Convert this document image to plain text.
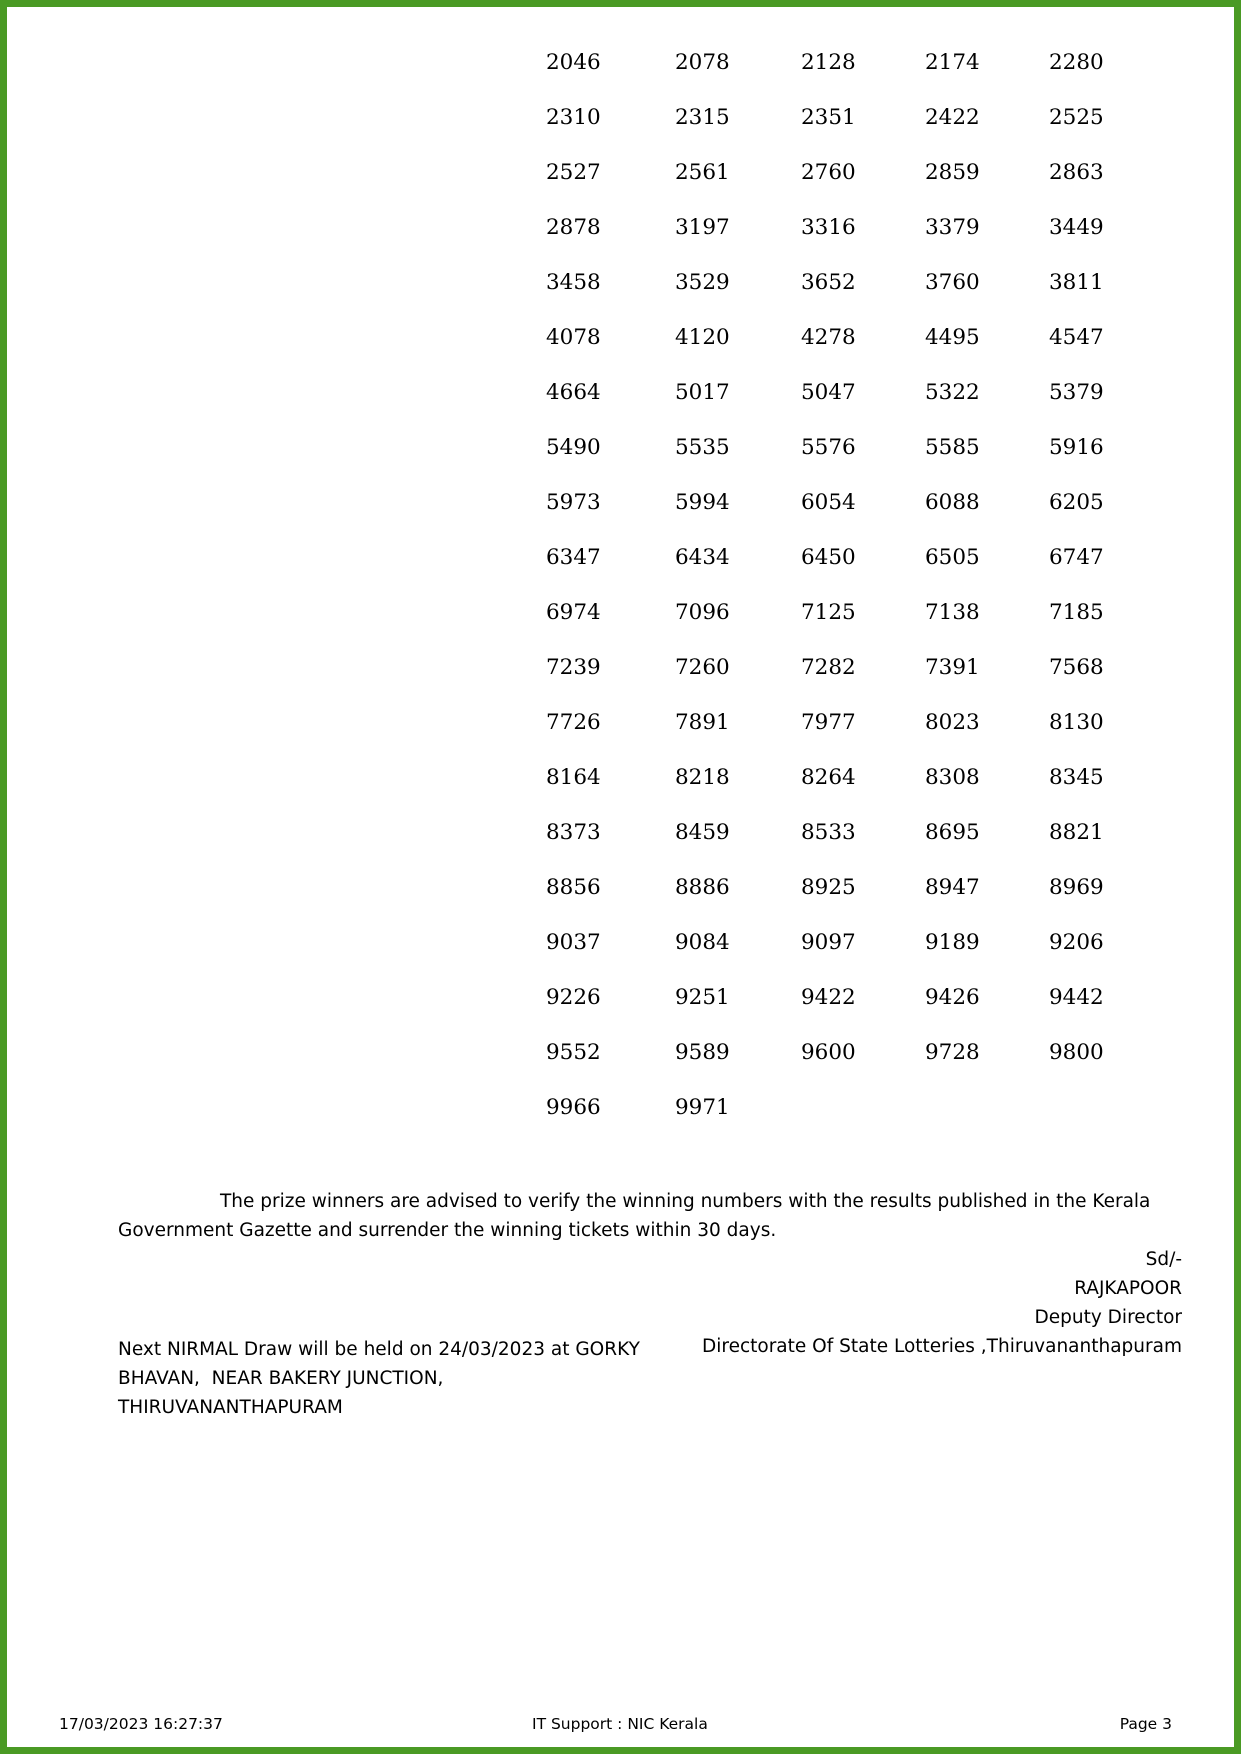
2046	2078	2128	2174	2280
2310	2315	2351	2422	2525
2527	2561	2760	2859	2863
2878	3197	3316	3379	3449
3458	3529	3652	3760	3811
4078	4120	4278	4495	4547
4664	5017	5047	5322	5379
5490	5535	5576	5585	5916
5973	5994	6054	6088	6205
6347	6434	6450	6505	6747
6974	7096	7125	7138	7185
7239	7260	7282	7391	7568
7726	7891	7977	8023	8130
8164	8218	8264	8308	8345
8373	8459	8533	8695	8821
8856	8886	8925	8947	8969
9037	9084	9097	9189	9206
9226	9251	9422	9426	9442
9552	9589	9600	9728	9800
9966	9971
The prize winners are advised to verify the winning numbers with the results published in the Kerala Government Gazette and surrender the winning tickets within 30 days.
Sd/-
RAJKAPOOR
Deputy Director
Directorate Of State Lotteries ,Thiruvananthapuram
Next NIRMAL Draw will be held on 24/03/2023 at GORKY BHAVAN,  NEAR BAKERY JUNCTION, THIRUVANANTHAPURAM
17/03/2023 16:27:37	IT Support : NIC Kerala	Page 3
